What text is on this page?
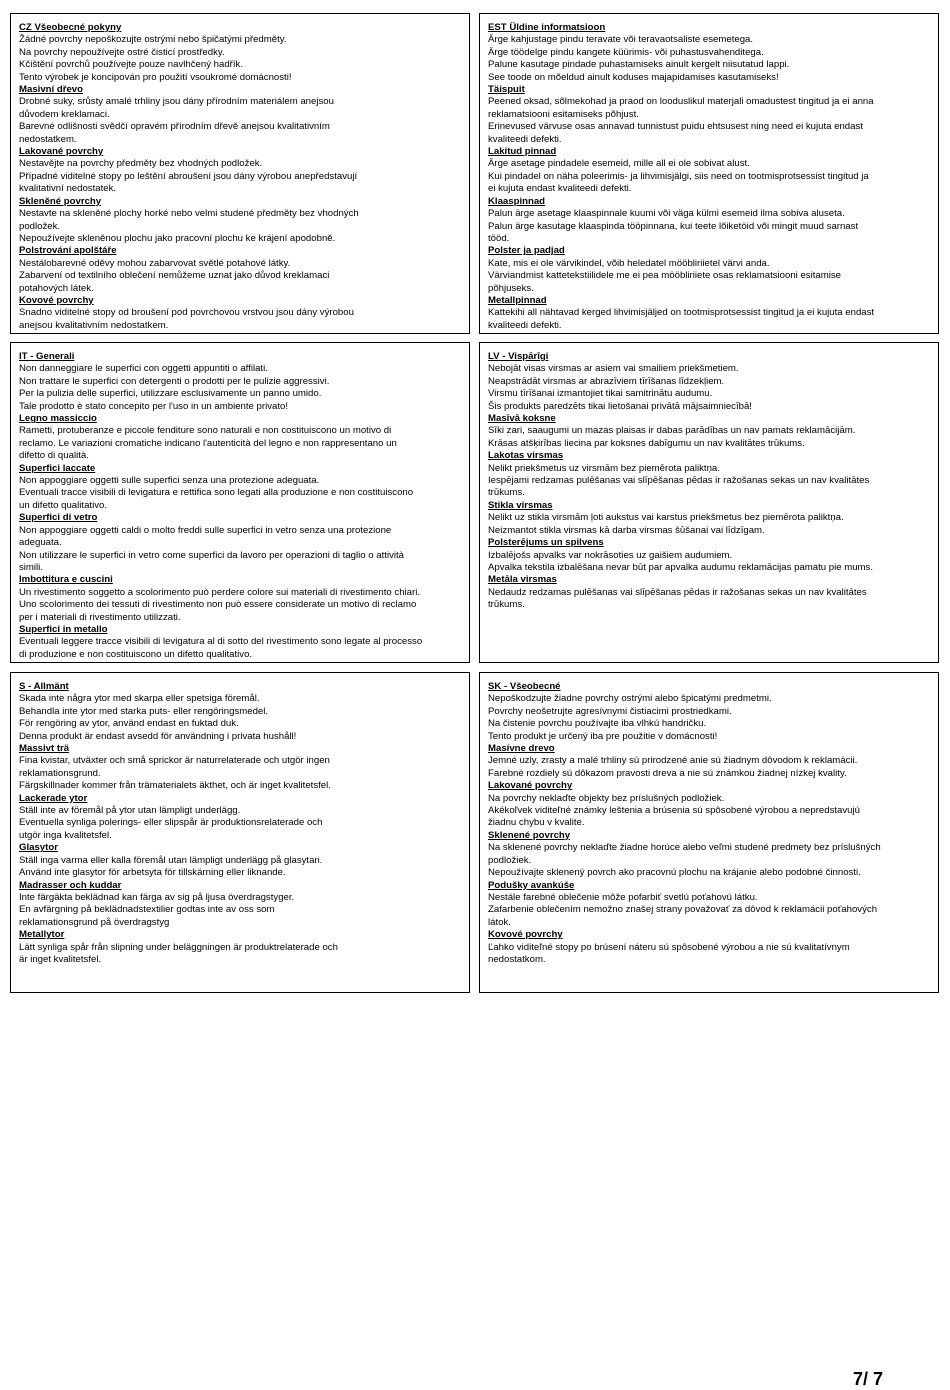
CZ Všeobecné pokyny
Žádné povrchy nepoškozujte ostrými nebo špičatými předměty.
Na povrchy nepoužívejte ostré čisticí prostředky.
Kčištění povrchů používejte pouze navlhčený hadřík.
Tento výrobek je koncipován pro použití vsoukromé domácnosti!
Masivní dřevo
Drobné suky, srůsty amalé trhliny jsou dány přírodním materiálem anejsou
důvodem kreklamaci.
Barevné odlišnosti svědčí opravém přírodním dřevě anejsou kvalitativním
nedostatkem.
Lakované povrchy
Nestavějte na povrchy předměty bez vhodných podložek.
Případné viditelné stopy po leštění abroušení jsou dány výrobou anepředstavují
kvalitativní nedostatek.
Skleněné povrchy
Nestavte na skleněné plochy horké nebo velmi studené předměty bez vhodných
podložek.
Nepoužívejte skleněnou plochu jako pracovní plochu ke krájení apodobně.
Polstrování apolštáře
Nestálobarevné oděvy mohou zabarvovat světlé potahové látky.
Zabarvení od textilního oblečení nemůžeme uznat jako důvod kreklamaci
potahových látek.
Kovové povrchy
Snadno viditelné stopy od broušení pod povrchovou vrstvou jsou dány výrobou
anejsou kvalitativním nedostatkem.
EST Üldine informatsioon
Ärge kahjustage pindu teravate või teravaotsaliste esemetega.
Ärge töödelge pindu kangete küürimis- või puhastusvahenditega.
Palune kasutage pindade puhastamiseks ainult kergelt niisutatud lappi.
See toode on mõeldud ainult koduses majapidamises kasutamiseks!
Täispuit
Peened oksad, sõlmekohad ja praod on looduslikul materjali omadustest tingitud ja ei anna
reklamatsiooni esitamiseks põhjust.
Erinevused värvuse osas annavad tunnistust puidu ehtsusest ning need ei kujuta endast
kvaliteedi defekti.
Lakitud pinnad
Ärge asetage pindadele esemeid, mille all ei ole sobivat alust.
Kui pindadel on näha poleerimis- ja lihvimisjälgi, siis need on tootmisprotsessist tingitud ja
ei kujuta endast kvaliteedi defekti.
Klaaspinnad
Palun ärge asetage klaaspinnale kuumi või väga külmi esemeid ilma sobiva aluseta.
Palun ärge kasutage klaaspinda tööpinnana, kui teete lõiketöid või mingit muud sarnast
tööd.
Polster ja padjad
Kate, mis ei ole värvikindel, võib heledatel mööbliriietel värvi anda.
Värviandmist kattetekstiilidele me ei pea mööbliriiete osas reklamatsiooni esitamise
põhjuseks.
Metallpinnad
Kattekihi all nähtavad kerged lihvimisjäljed on tootmisprotsessist tingitud ja ei kujuta endast
kvaliteedi defekti.
IT - Generali
Non danneggiare le superfici con oggetti appuntiti o affilati.
Non trattare le superfici con detergenti o prodotti per le pulizie aggressivi.
Per la pulizia delle superfici, utilizzare esclusivamente un panno umido.
Tale prodotto è stato concepito per l'uso in un ambiente privato!
Legno massiccio
Rametti, protuberanze e piccole fenditure sono naturali e non costituiscono un motivo di
reclamo. Le variazioni cromatiche indicano l'autenticità del legno e non rappresentano un
difetto di qualità.
Superfici laccate
Non appoggiare oggetti sulle superfici senza una protezione adeguata.
Eventuali tracce visibili di levigatura e rettifica sono legati alla produzione e non costituiscono
un difetto qualitativo.
Superfici di vetro
Non appoggiare oggetti caldi o molto freddi sulle superfici in vetro senza una protezione
adeguata.
Non utilizzare le superfici in vetro come superfici da lavoro per operazioni di taglio o attività
simili.
Imbottitura e cuscini
Un rivestimento soggetto a scolorimento può perdere colore sui materiali di rivestimento chiari.
Uno scolorimento dei tessuti di rivestimento non può essere considerate un motivo di reclamo
per i materiali di rivestimento utilizzati.
Superfici in metallo
Eventuali leggere tracce visibili di levigatura al di sotto del rivestimento sono legate al processo
di produzione e non costituiscono un difetto qualitativo.
LV - Vispārīgi
Nebojāt visas virsmas ar asiem vai smailiem priekšmetiem.
Neapstrādāt virsmas ar abrazīviem tīrīšanas līdzekļiem.
Virsmu tīrīšanai izmantojiet tikai samitrinātu audumu.
Šis produkts paredzēts tikai lietošanai privātā mājsaimniecībā!
Masīvā koksne
Sīki zari, saaugumi un mazas plaisas ir dabas parādības un nav pamats reklamācijām.
Krāsas atšķirības liecina par koksnes dabīgumu un nav kvalitātes trūkums.
Lakotas virsmas
Nelikt priekšmetus uz virsmām bez piemērota paliktņa.
Iespējami redzamas pulēšanas vai slīpēšanas pēdas ir ražošanas sekas un nav kvalitātes
trūkums.
Stikla virsmas
Nelikt uz stikla virsmām ļoti aukstus vai karstus priekšmetus bez piemērota paliktņa.
Neizmantot stikla virsmas kā darba virsmas šūšanai vai līdzīgam.
Polsterējums un spilvens
Izbalējošs apvalks var nokrāsoties uz gaišiem audumiem.
Apvalka tekstila izbalēšana nevar būt par apvalka audumu reklamācijas pamatu pie mums.
Metāla virsmas
Nedaudz redzamas pulēšanas vai slīpēšanas pēdas ir ražošanas sekas un nav kvalitātes
trūkums.
S - Allmänt
Skada inte några ytor med skarpa eller spetsiga föremål.
Behandla inte ytor med starka puts- eller rengöringsmedel.
För rengöring av ytor, använd endast en fuktad duk.
Denna produkt är endast avsedd för användning i privata hushåll!
Massivt trä
Fina kvistar, utväxter och små sprickor är naturrelaterade och utgör ingen
reklamationsgrund.
Färgskillnader kommer från trämaterialets äkthet, och är inget kvalitetsfel.
Lackerade ytor
Ställ inte av föremål på ytor utan lämpligt underlägg.
Eventuella synliga polerings- eller slipspår är produktionsrelaterade och
utgör inga kvalitetsfel.
Glasytor
Ställ inga varma eller kalla föremål utan lämpligt underlägg på glasytan.
Använd inte glasytor för arbetsyta för tillskärning eller liknande.
Madrasser och kuddar
Inte färgäkta beklädnad kan färga av sig på ljusa överdragstyger.
En avfärgning på beklädnadstextilier godtas inte av oss som
reklamationsgrund på överdragstyg
Metallytor
Lätt synliga spår från slipning under beläggningen är produktrelaterade och
är inget kvalitetsfel.
SK - Všeobecné
Nepoškodzujte žiadne povrchy ostrými alebo špicatými predmetmi.
Povrchy neošetrujte agresívnymi čistiacimi prostriedkami.
Na čistenie povrchu používajte iba vlhkú handričku.
Tento produkt je určený iba pre použitie v domácnosti!
Masívne drevo
Jemné uzly, zrasty a malé trhliny sú prirodzené anie sú žiadnym dôvodom k reklamácii.
Farebné rozdiely sú dôkazom pravosti dreva a nie sú známkou žiadnej nízkej kvality.
Lakované povrchy
Na povrchy neklaďte objekty bez príslušných podložiek.
Akékoľvek viditeľné známky leštenia a brúsenia sú spôsobené výrobou a nepredstavujú
žiadnu chybu v kvalite.
Sklenené povrchy
Na sklenené povrchy neklaďte žiadne horúce alebo veľmi studené predmety bez príslušných
podložiek.
Nepoužívajte sklenený povrch ako pracovnú plochu na krájanie alebo podobné činnosti.
Podušky avankúše
Nestále farebné oblečenie môže pofarbiť svetlú poťahovú látku.
Zafarbenie oblečením nemožno znašej strany považovať za dôvod k reklamácii poťahových
látok.
Kovové povrchy
Ľahko viditeľné stopy po brúsení náteru sú spôsobené výrobou a nie sú kvalitatívnym
nedostatkom.
7/ 7
